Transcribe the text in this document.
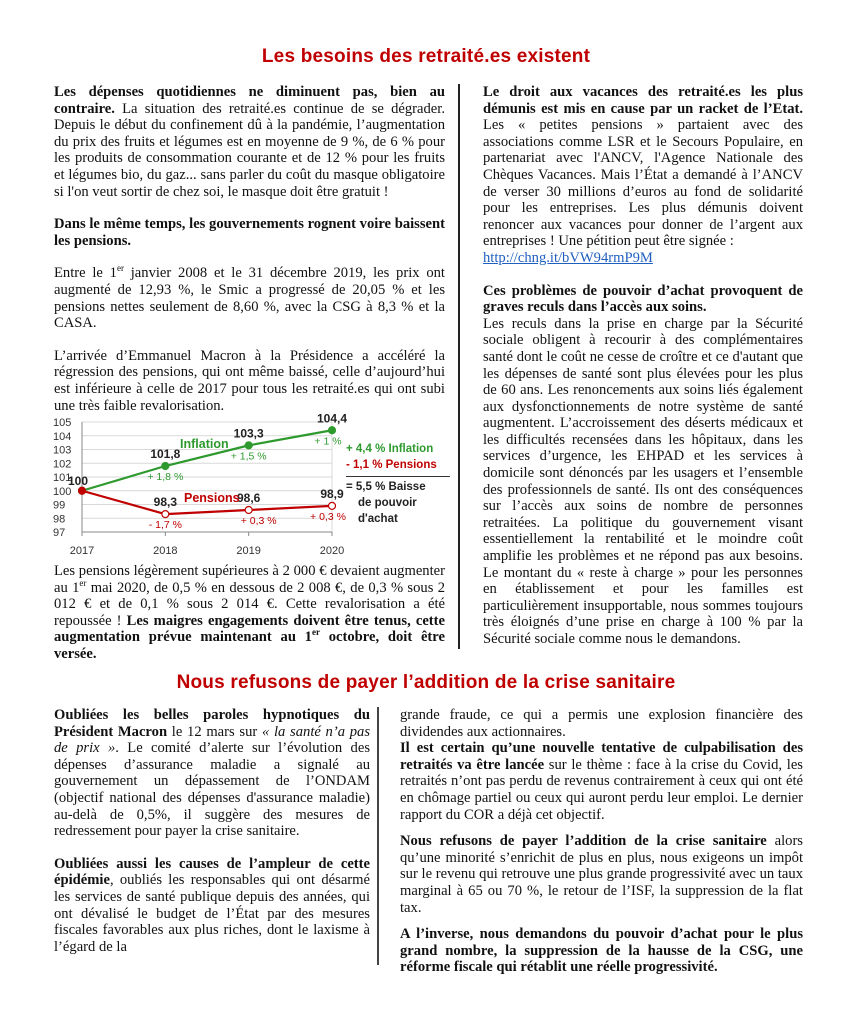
Les besoins des retraité.es existent

Les dépenses quotidiennes ne diminuent pas, bien au contraire. La situation des retraité.es continue de se dégrader. Depuis le début du confinement dû à la pandémie, l’augmentation du prix des fruits et légumes est en moyenne de 9 %, de 6 % pour les produits de consommation courante et de 12 % pour les fruits et légumes bio, du gaz... sans parler du coût du masque obligatoire si l'on veut sortir de chez soi, le masque doit être gratuit !

Dans le même temps, les gouvernements rognent voire baissent les pensions.

Entre le 1er janvier 2008 et le 31 décembre 2019, les prix ont augmenté de 12,93 %, le Smic a progressé de 20,05 % et les pensions nettes seulement de 8,60 %, avec la CSG à 8,3 % et la CASA.

L’arrivée d’Emmanuel Macron à la Présidence a accéléré la régression des pensions, qui ont même baissé, celle d’aujourd’hui est inférieure à celle de 2017 pour tous les retraité.es qui ont subi une très faible revalorisation.

97
98
99
100
101
102
103
104
105
2017	2018	2019	2020
100
101,8
+ 1,8 %
103,3
+ 1,5 %
104,4
+ 1 %
Inflation
98,3
- 1,7 %
98,6
+ 0,3 %
98,9
+ 0,3 %
Pensions
+ 4,4 % Inflation
- 1,1 % Pensions
= 5,5 % Baisse
de pouvoir
d'achat

Les pensions légèrement supérieures à 2 000 € devaient augmenter au 1er mai 2020, de 0,5 % en dessous de 2 008 €, de 0,3 % sous 2 012 € et de 0,1 % sous 2 014 €. Cette revalorisation a été repoussée ! Les maigres engagements doivent être tenus, cette augmentation prévue maintenant au 1er octobre, doit être versée.

Le droit aux vacances des retraité.es les plus démunis est mis en cause par un racket de l’Etat. Les « petites pensions » partaient avec des associations comme LSR et le Secours Populaire, en partenariat avec l'ANCV, l'Agence Nationale des Chèques Vacances. Mais l’État a demandé à l’ANCV de verser 30 millions d’euros au fond de solidarité pour les entreprises. Les plus démunis doivent renoncer aux vacances pour donner de l’argent aux entreprises ! Une pétition peut être signée :

http://chng.it/bVW94rmP9M

Ces problèmes de pouvoir d’achat provoquent de graves reculs dans l’accès aux soins.
Les reculs dans la prise en charge par la Sécurité sociale obligent à recourir à des complémentaires santé dont le coût ne cesse de croître et ce d'autant que les dépenses de santé sont plus élevées pour les plus de 60 ans. Les renoncements aux soins liés également aux dysfonctionnements de notre système de santé augmentent. L’accroissement des déserts médicaux et les difficultés recensées dans les hôpitaux, dans les services d’urgence, les EHPAD et les services à domicile sont dénoncés par les usagers et l’ensemble des professionnels de santé. Ils ont des conséquences sur l’accès aux soins de nombre de personnes retraitées. La politique du gouvernement visant essentiellement la rentabilité et le moindre coût amplifie les problèmes et ne répond pas aux besoins. Le montant du « reste à charge » pour les personnes en établissement et pour les familles est particulièrement insupportable, nous sommes toujours très éloignés d’une prise en charge à 100 % par la Sécurité sociale comme nous le demandons.

Nous refusons de payer l’addition de la crise sanitaire

Oubliées les belles paroles hypnotiques du Président Macron le 12 mars sur « la santé n’a pas de prix ». Le comité d’alerte sur l’évolution des dépenses d’assurance maladie a signalé au gouvernement un dépassement de l’ONDAM (objectif national des dépenses d'assurance maladie) au-delà de 0,5%, il suggère des mesures de redressement pour payer la crise sanitaire.

Oubliées aussi les causes de l’ampleur de cette épidémie, oubliés les responsables qui ont désarmé les services de santé publique depuis des années, qui ont dévalisé le budget de l’État par des mesures fiscales favorables aux plus riches, dont le laxisme à l’égard de la

grande fraude, ce qui a permis une explosion financière des dividendes aux actionnaires.

Il est certain qu’une nouvelle tentative de culpabilisation des retraités va être lancée sur le thème : face à la crise du Covid, les retraités n’ont pas perdu de revenus contrairement à ceux qui ont été en chômage partiel ou ceux qui auront perdu leur emploi. Le dernier rapport du COR a déjà cet objectif.

Nous refusons de payer l’addition de la crise sanitaire alors qu’une minorité s’enrichit de plus en plus, nous exigeons un impôt sur le revenu qui retrouve une plus grande progressivité avec un taux marginal à 65 ou 70 %, le retour de l’ISF, la suppression de la flat tax.

A l’inverse, nous demandons du pouvoir d’achat pour le plus grand nombre, la suppression de la hausse de la CSG, une réforme fiscale qui rétablit une réelle progressivité.
